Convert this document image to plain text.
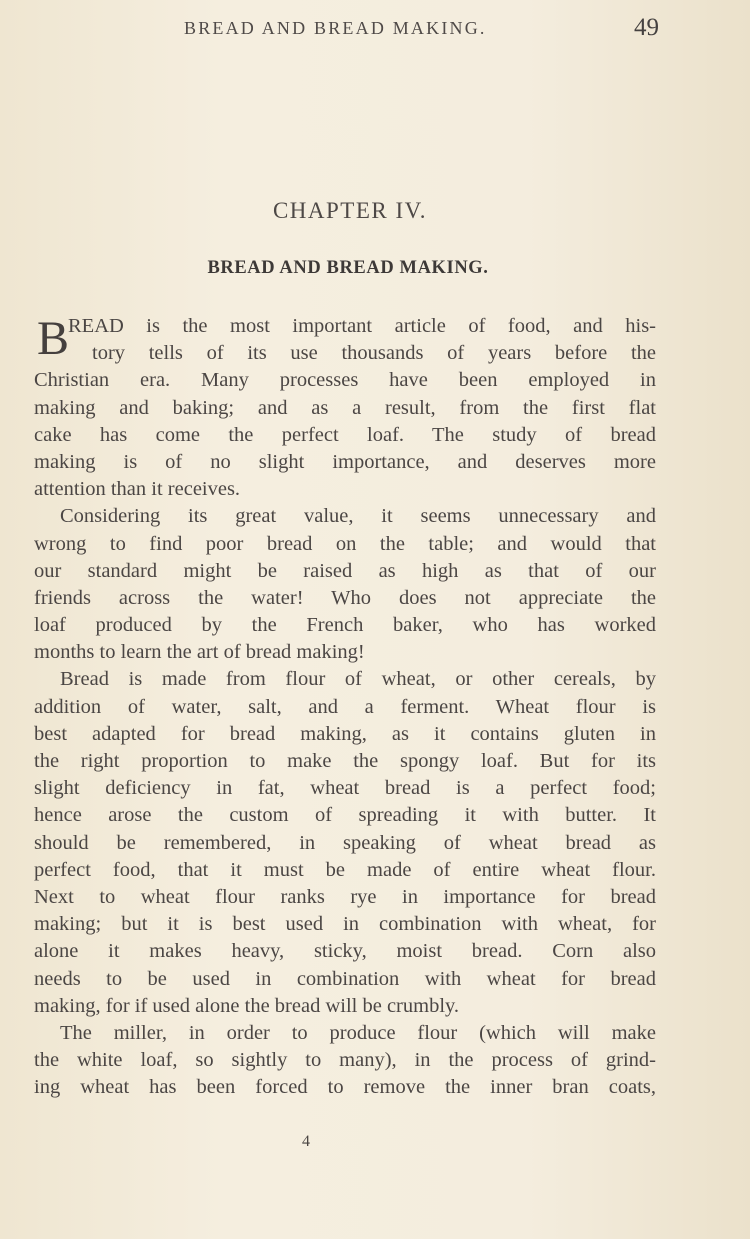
BREAD AND BREAD MAKING.	49
CHAPTER IV.
BREAD AND BREAD MAKING.
B
READ is the most important article of food, and his-
tory tells of its use thousands of years before the
Christian era. Many processes have been employed in
making and baking; and as a result, from the first flat
cake has come the perfect loaf. The study of bread
making is of no slight importance, and deserves more
attention than it receives.
Considering its great value, it seems unnecessary and
wrong to find poor bread on the table; and would that
our standard might be raised as high as that of our
friends across the water! Who does not appreciate the
loaf produced by the French baker, who has worked
months to learn the art of bread making!
Bread is made from flour of wheat, or other cereals, by
addition of water, salt, and a ferment. Wheat flour is
best adapted for bread making, as it contains gluten in
the right proportion to make the spongy loaf. But for its
slight deficiency in fat, wheat bread is a perfect food;
hence arose the custom of spreading it with butter. It
should be remembered, in speaking of wheat bread as
perfect food, that it must be made of entire wheat flour.
Next to wheat flour ranks rye in importance for bread
making; but it is best used in combination with wheat, for
alone it makes heavy, sticky, moist bread. Corn also
needs to be used in combination with wheat for bread
making, for if used alone the bread will be crumbly.
The miller, in order to produce flour (which will make
the white loaf, so sightly to many), in the process of grind-
ing wheat has been forced to remove the inner bran coats,
4
